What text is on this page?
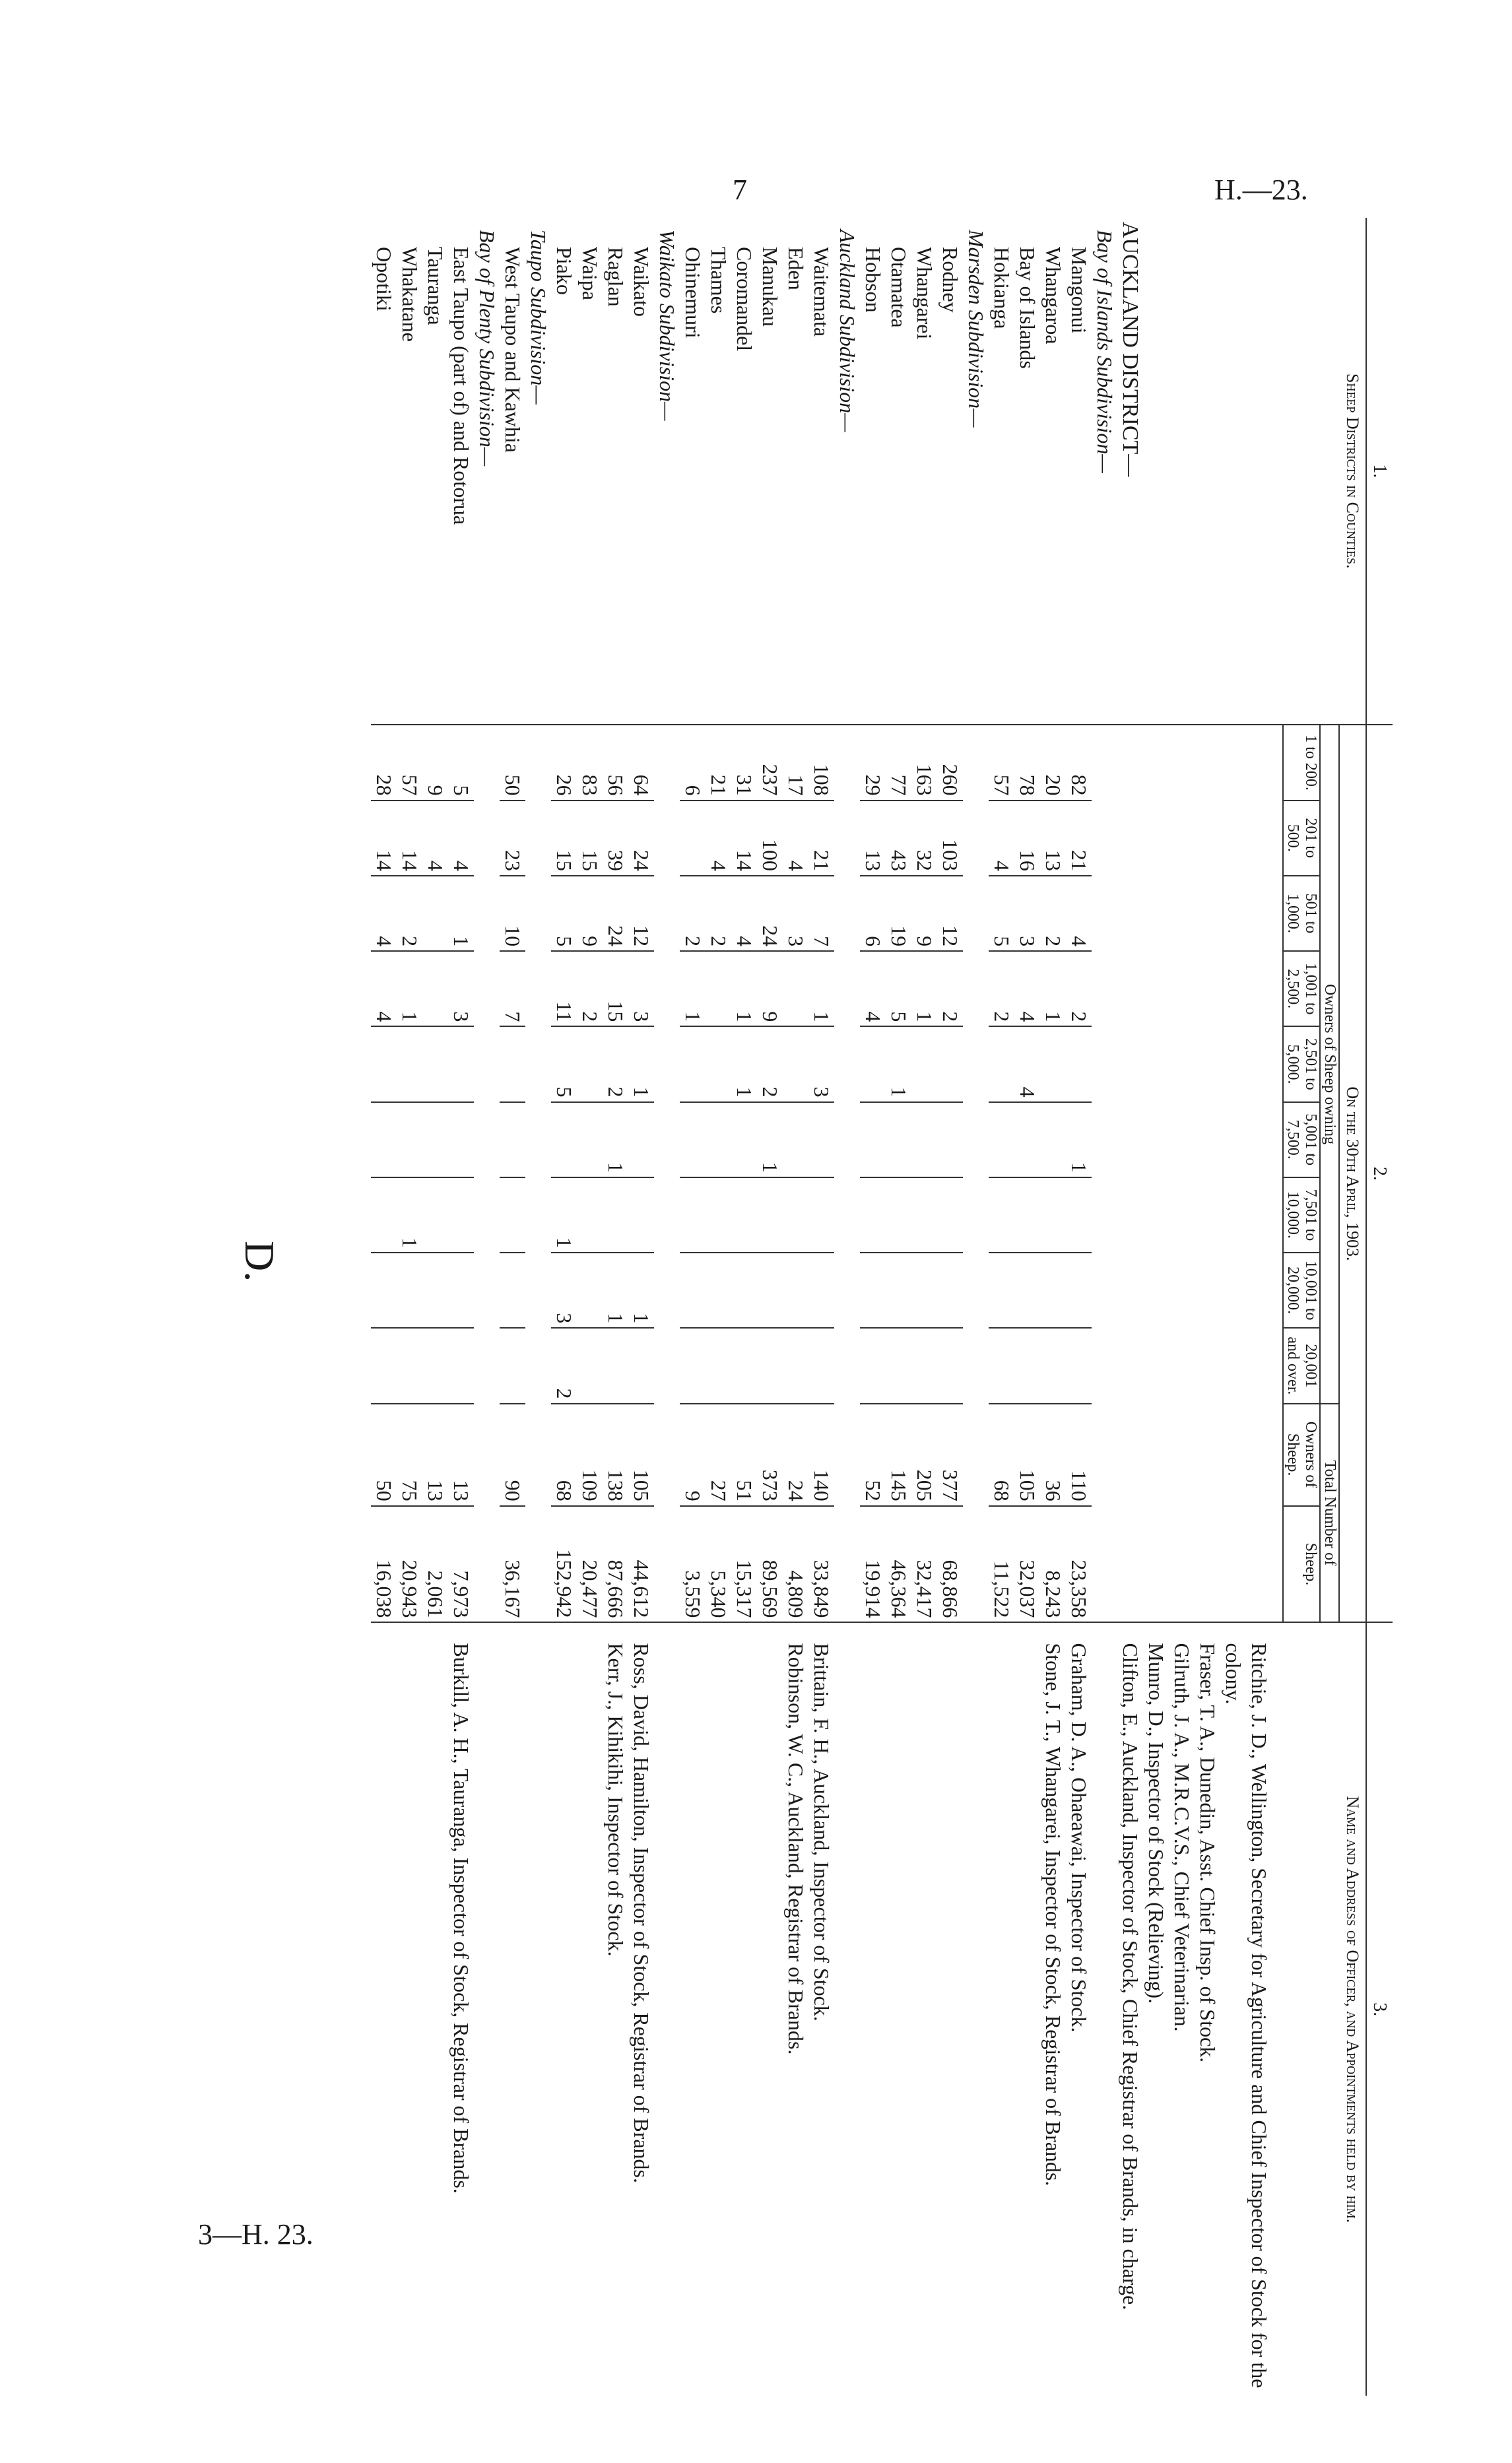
7	H.—23.
3—H. 23.
1.	2.											3.
Sheep Districts in Counties.	On the 30th April, 1903.											Name and Address of Officer, and Appointments held by him.
	Owners of Sheep owning									Total Number of		
	1 to 200.	201 to 500.	501 to 1,000.	1,001 to 2,500.	2,501 to 5,000.	5,001 to 7,500.	7,501 to 10,000.	10,001 to 20,000.	20,001 and over.	Owners of Sheep.	Sheep.	

												Ritchie, J. D., Wellington, Secretary for Agriculture and Chief Inspector of Stock for the colony.
Fraser, T. A., Dunedin, Asst. Chief Insp. of Stock.
Gilruth, J. A., M.R.C.V.S., Chief Veterinarian.
Munro, D., Inspector of Stock (Relieving).

AUCKLAND DISTRICT—												Clifton, E., Auckland, Inspector of Stock, Chief Registrar of Brands, in charge.
Bay of Islands Subdivision—												
Mangonui	82	21	4	2		1				110	23,358	Graham, D. A., Ohaeawai, Inspector of Stock.

Whangaroa	20	13	2	1						36	8,243	Stone, J. T., Whangarei, Inspector of Stock, Registrar of Brands.

Bay of Islands	78	16	3	4	4					105	32,037	
Hokianga	57	4	5	2						68	11,522	
Marsden Subdivision—												
Rodney	260	103	12	2						377	68,866	
Whangarei	163	32	9	1						205	32,417	
Otamatea	77	43	19	5	1					145	46,364	
Hobson	29	13	6	4						52	19,914	
Auckland Subdivision—												
Waitemata	108	21	7	1	3					140	33,849	Brittain, F. H., Auckland, Inspector of Stock.

Eden	17	4	3							24	4,809	Robinson, W. C., Auckland, Registrar of Brands.

Manukau	237	100	24	9	2	1				373	89,569	
Coromandel	31	14	4	1	1					51	15,317	
Thames	21	4	2							27	5,340	
Ohinemuri	6		2	1						9	3,559	
Waikato Subdivision—												
Waikato	64	24	12	3	1			1		105	44,612	Ross, David, Hamilton, Inspector of Stock, Registrar of Brands.

Raglan	56	39	24	15	2	1		1		138	87,666	Kerr, J., Kihikihi, Inspector of Stock.

Waipa	83	15	9	2						109	20,477	
Piako	26	15	5	11	5		1	3	2	68	152,942	
Taupo Subdivision—												
West Taupo and Kawhia	50	23	10	7						90	36,167	
Bay of Plenty Subdivision—												
East Taupo (part of) and Rotorua	5	4	1	3						13	7,973	Burkill, A. H., Tauranga, Inspector of Stock, Registrar of Brands.

Tauranga	9	4								13	2,061	
Whakatane	57	14	2	1			1			75	20,943	
Opotiki	28	14	4	4						50	16,038	
D.
